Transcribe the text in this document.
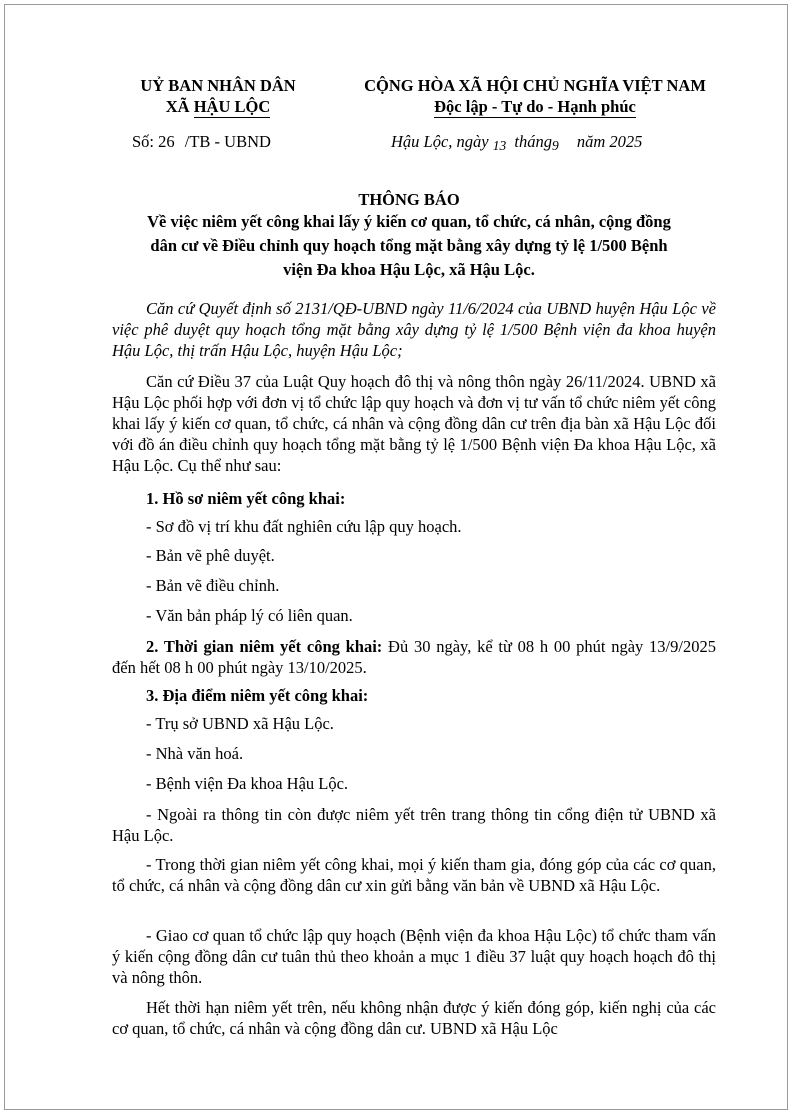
UỶ BAN NHÂN DÂN
XÃ HẬU LỘC
CỘNG HÒA XÃ HỘI CHỦ NGHĨA VIỆT NAM
Độc lập - Tự do - Hạnh phúc
Số: 26 /TB - UBND	Hậu Lộc, ngày 13 tháng9 năm 2025
THÔNG BÁO
Về việc niêm yết công khai lấy ý kiến cơ quan, tổ chức, cá nhân, cộng đồng
dân cư về Điều chỉnh quy hoạch tổng mặt bằng xây dựng tỷ lệ 1/500 Bệnh
viện Đa khoa Hậu Lộc, xã Hậu Lộc.
Căn cứ Quyết định số 2131/QĐ-UBND ngày 11/6/2024 của UBND huyện Hậu Lộc về việc phê duyệt quy hoạch tổng mặt bằng xây dựng tỷ lệ 1/500 Bệnh viện đa khoa huyện Hậu Lộc, thị trấn Hậu Lộc, huyện Hậu Lộc;
Căn cứ Điều 37 của Luật Quy hoạch đô thị và nông thôn ngày 26/11/2024. UBND xã Hậu Lộc phối hợp với đơn vị tổ chức lập quy hoạch và đơn vị tư vấn tổ chức niêm yết công khai lấy ý kiến cơ quan, tổ chức, cá nhân và cộng đồng dân cư trên địa bàn xã Hậu Lộc đối với đồ án điều chỉnh quy hoạch tổng mặt bằng tỷ lệ 1/500 Bệnh viện Đa khoa Hậu Lộc, xã Hậu Lộc. Cụ thể như sau:
1. Hồ sơ niêm yết công khai:
- Sơ đồ vị trí khu đất nghiên cứu lập quy hoạch.
- Bản vẽ phê duyệt.
- Bản vẽ điều chỉnh.
- Văn bản pháp lý có liên quan.
2. Thời gian niêm yết công khai: Đủ 30 ngày, kể từ 08 h 00 phút ngày 13/9/2025 đến hết 08 h 00 phút ngày 13/10/2025.
3. Địa điểm niêm yết công khai:
- Trụ sở UBND xã Hậu Lộc.
- Nhà văn hoá.
- Bệnh viện Đa khoa Hậu Lộc.
- Ngoài ra thông tin còn được niêm yết trên trang thông tin cổng điện tử UBND xã Hậu Lộc.
- Trong thời gian niêm yết công khai, mọi ý kiến tham gia, đóng góp của các cơ quan, tổ chức, cá nhân và cộng đồng dân cư xin gửi bằng văn bản về UBND xã Hậu Lộc.
- Giao cơ quan tổ chức lập quy hoạch (Bệnh viện đa khoa Hậu Lộc) tổ chức tham vấn ý kiến cộng đồng dân cư tuân thủ theo khoản a mục 1 điều 37 luật quy hoạch hoạch đô thị và nông thôn.
Hết thời hạn niêm yết trên, nếu không nhận được ý kiến đóng góp, kiến nghị của các cơ quan, tổ chức, cá nhân và cộng đồng dân cư. UBND xã Hậu Lộc
